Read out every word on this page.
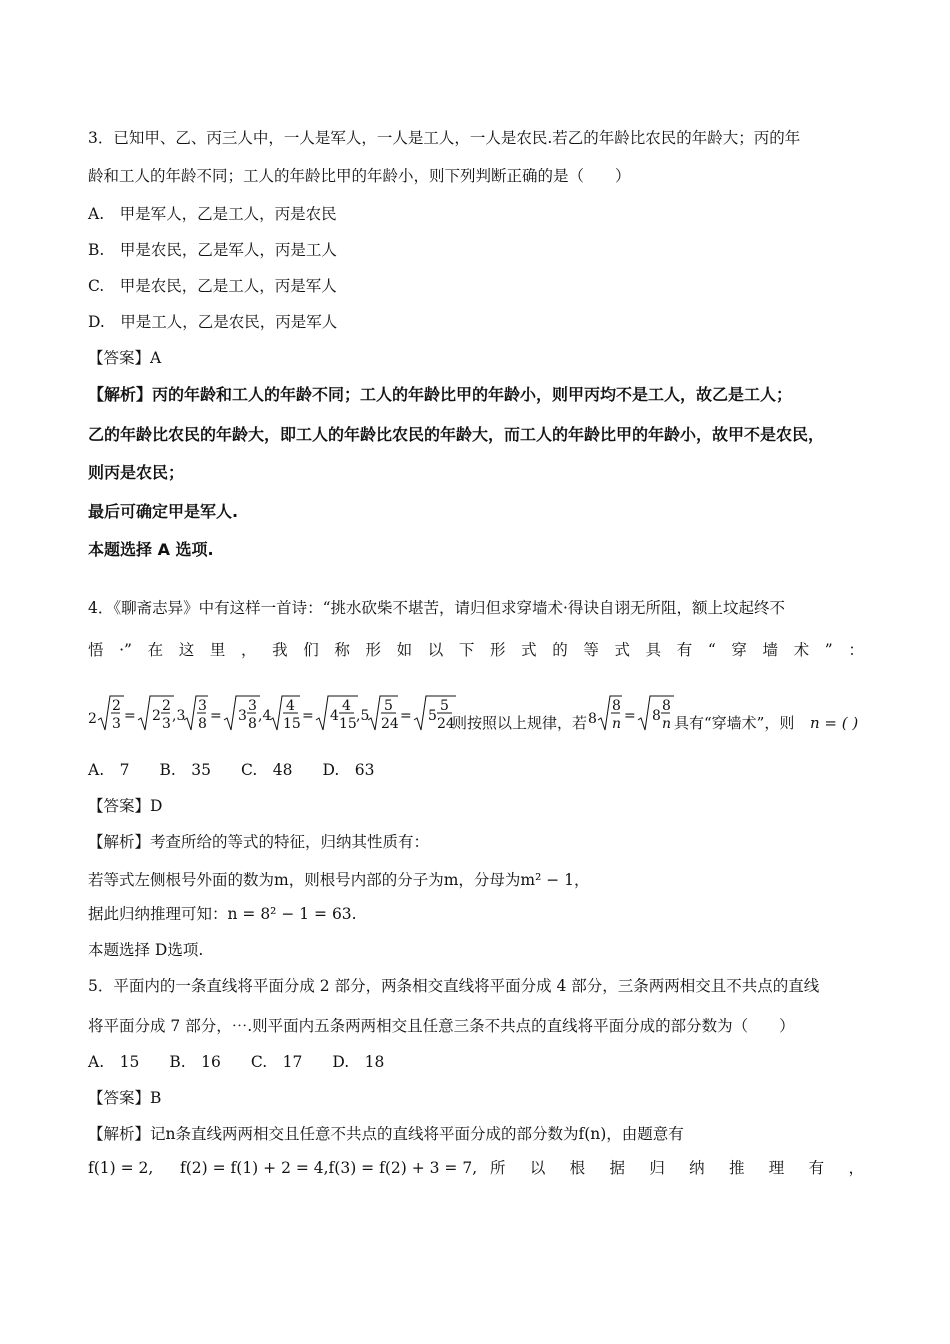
3．已知甲、乙、丙三人中，一人是军人，一人是工人，一人是农民.若乙的年龄比农民的年龄大；丙的年
龄和工人的年龄不同；工人的年龄比甲的年龄小，则下列判断正确的是（　　）
A.　甲是军人，乙是工人，丙是农民
B.　甲是农民，乙是军人，丙是工人
C.　甲是农民，乙是工人，丙是军人
D.　甲是工人，乙是农民，丙是军人
【答案】A
【解析】丙的年龄和工人的年龄不同；工人的年龄比甲的年龄小，则甲丙均不是工人，故乙是工人；
乙的年龄比农民的年龄大，即工人的年龄比农民的年龄大，而工人的年龄比甲的年龄小，故甲不是农民，
则丙是农民；
最后可确定甲是军人.
本题选择 A 选项.
4．《聊斋志异》中有这样一首诗：“挑水砍柴不堪苦，请归但求穿墙术·得诀自诩无所阻，额上坟起终不
悟 ·” 在 这 里 ， 我 们 称 形 如 以 下 形 式 的 等 式 具 有 “ 穿 墙 术 ” ：
2
2
3 = 2
2
3 ,3
3
8 = 3
3
8 ,4
4
15 = 4
4
15 ,5
5
24 = 5
5
24
则按照以上规律，若 8
8
n = 8
8
n 具有“穿墙术”，则 n = ( )
A.　7 B.　35 C.　48 D.　63
【答案】D
【解析】考查所给的等式的特征，归纳其性质有：
若等式左侧根号外面的数为m，则根号内部的分子为m，分母为m² − 1，
据此归纳推理可知：n = 8² − 1 = 63.
本题选择 D选项.
5．平面内的一条直线将平面分成 2 部分，两条相交直线将平面分成 4 部分，三条两两相交且不共点的直线
将平面分成 7 部分，⋯.则平面内五条两两相交且任意三条不共点的直线将平面分成的部分数为（　　）
A.　15 B.　16 C.　17 D.　18
【答案】B
【解析】记n条直线两两相交且任意不共点的直线将平面分成的部分数为f(n)，由题意有
f(1) = 2,	f(2) = f(1) + 2 = 4,f(3) = f(2) + 3 = 7, 所 以 根 据 归 纳 推 理 有 ，
